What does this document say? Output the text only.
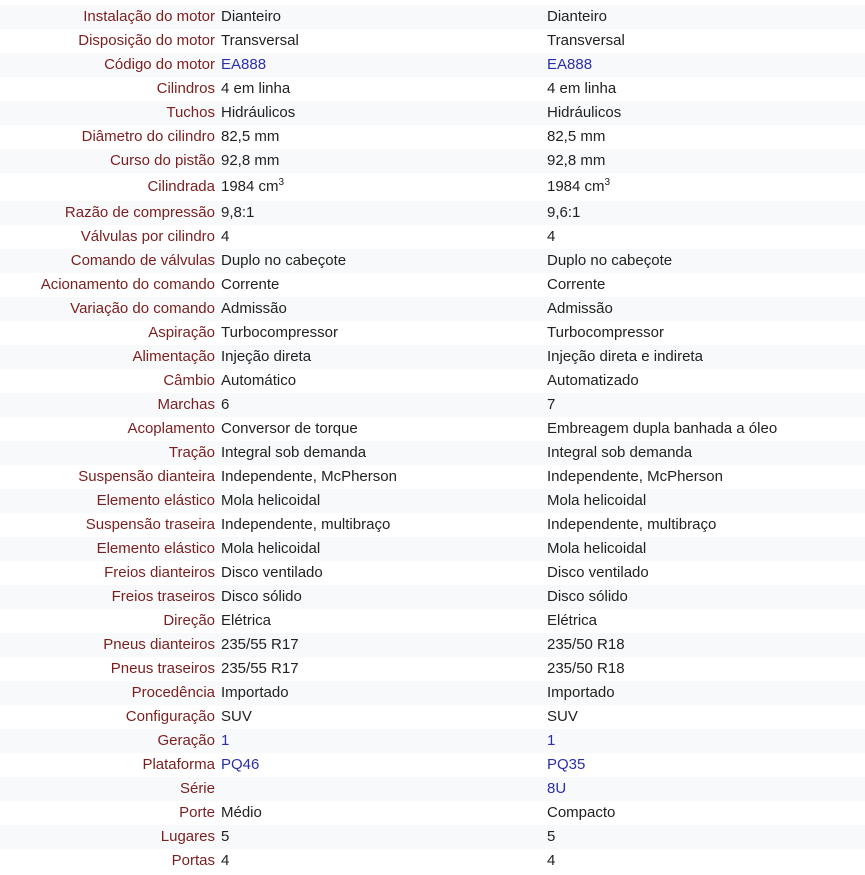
Instalação do motor	Dianteiro	Dianteiro
Disposição do motor	Transversal	Transversal
Código do motor	EA888	EA888
Cilindros	4 em linha	4 em linha
Tuchos	Hidráulicos	Hidráulicos
Diâmetro do cilindro	82,5 mm	82,5 mm
Curso do pistão	92,8 mm	92,8 mm
Cilindrada	1984 $cm^3$	1984 $cm^3$
Razão de compressão	9,8:1	9,6:1
Válvulas por cilindro	4	4
Comando de válvulas	Duplo no cabeçote	Duplo no cabeçote
Acionamento do comando	Corrente	Corrente
Variação do comando	Admissão	Admissão
Aspiração	Turbocompressor	Turbocompressor
Alimentação	Injeção direta	Injeção direta e indireta
Câmbio	Automático	Automatizado
Marchas	6	7
Acoplamento	Conversor de torque	Embreagem dupla banhada a óleo
Tração	Integral sob demanda	Integral sob demanda
Suspensão dianteira	Independente, McPherson	Independente, McPherson
Elemento elástico	Mola helicoidal	Mola helicoidal
Suspensão traseira	Independente, multibraço	Independente, multibraço
Elemento elástico	Mola helicoidal	Mola helicoidal
Freios dianteiros	Disco ventilado	Disco ventilado
Freios traseiros	Disco sólido	Disco sólido
Direção	Elétrica	Elétrica
Pneus dianteiros	235/55 R17	235/50 R18
Pneus traseiros	235/55 R17	235/50 R18
Procedência	Importado	Importado
Configuração	SUV	SUV
Geração	1	1
Plataforma	PQ46	PQ35
Série		8U
Porte	Médio	Compacto
Lugares	5	5
Portas	4	4
